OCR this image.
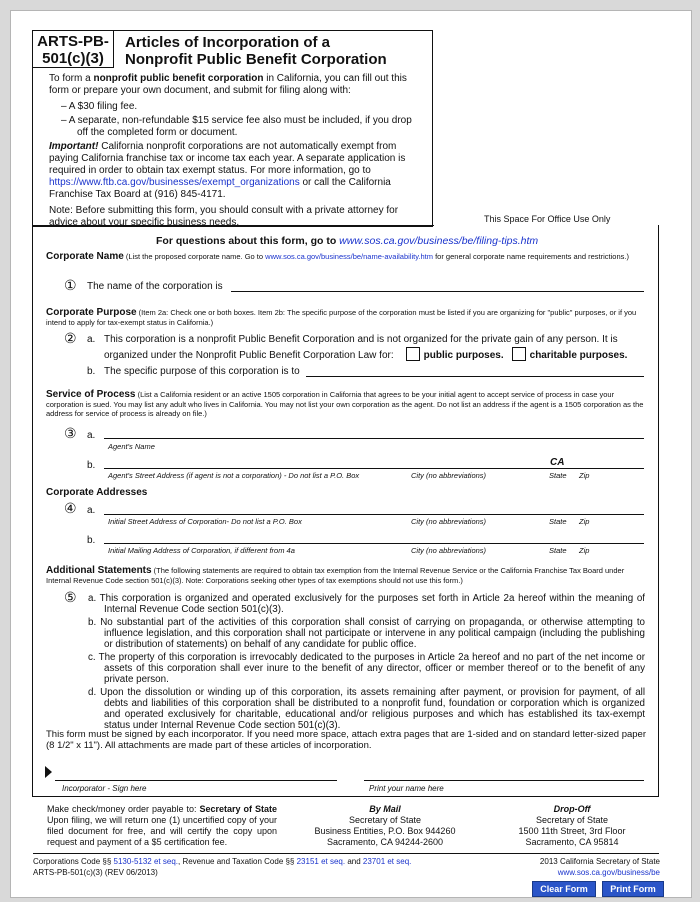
ARTS-PB-
501(c)(3)
Articles of Incorporation of a
Nonprofit Public Benefit Corporation

To form a nonprofit public benefit corporation in California, you can fill out this form or prepare your own document, and submit for filing along with:

– A $30 filing fee.

– A separate, non-refundable $15 service fee also must be included, if you drop off the completed form or document.

Important! California nonprofit corporations are not automatically exempt from paying California franchise tax or income tax each year. A separate application is required in order to obtain tax exempt status. For more information, go to https://www.ftb.ca.gov/businesses/exempt_organizations or call the California Franchise Tax Board at (916) 845-4171.

Note: Before submitting this form, you should consult with a private attorney for advice about your specific business needs.	This Space For Office Use Only
For questions about this form, go to www.sos.ca.gov/business/be/filing-tips.htm
Corporate Name (List the proposed corporate name. Go to www.sos.ca.gov/business/be/name-availability.htm for general corporate name requirements and restrictions.)
① The name of the corporation is
Corporate Purpose (Item 2a: Check one or both boxes. Item 2b: The specific purpose of the corporation must be listed if you are organizing for "public" purposes, or if you intend to apply for tax-exempt status in California.)
② a. This corporation is a nonprofit Public Benefit Corporation and is not organized for the private gain of any person. It is
organized under the Nonprofit Public Benefit Corporation Law for:	public purposes.	charitable purposes.
b. The specific purpose of this corporation is to
Service of Process (List a California resident or an active 1505 corporation in California that agrees to be your initial agent to accept service of process in case your corporation is sued. You may list any adult who lives in California. You may not list your own corporation as the agent. Do not list an address if the agent is a 1505 corporation as the address for service of process is already on file.)
③ a.
Agent's Name
b.	CA
Agent's Street Address (if agent is not a corporation) - Do not list a P.O. Box	City (no abbreviations)	State Zip
Corporate Addresses
④ a.
Initial Street Address of Corporation- Do not list a P.O. Box	City (no abbreviations)	State Zip
b.
Initial Mailing Address of Corporation, if different from 4a	City (no abbreviations)	State Zip
Additional Statements (The following statements are required to obtain tax exemption from the Internal Revenue Service or the California Franchise Tax Board under Internal Revenue Code section 501(c)(3). Note: Corporations seeking other types of tax exemptions should not use this form.)
⑤ a. This corporation is organized and operated exclusively for the purposes set forth in Article 2a hereof within the meaning of Internal Revenue Code section 501(c)(3).
b. No substantial part of the activities of this corporation shall consist of carrying on propaganda, or otherwise attempting to influence legislation, and this corporation shall not participate or intervene in any political campaign (including the publishing or distribution of statements) on behalf of any candidate for public office.
c. The property of this corporation is irrevocably dedicated to the purposes in Article 2a hereof and no part of the net income or assets of this corporation shall ever inure to the benefit of any director, officer or member thereof or to the benefit of any private person.
d. Upon the dissolution or winding up of this corporation, its assets remaining after payment, or provision for payment, of all debts and liabilities of this corporation shall be distributed to a nonprofit fund, foundation or corporation which is organized and operated exclusively for charitable, educational and/or religious purposes and which has established its tax-exempt status under Internal Revenue Code section 501(c)(3).
This form must be signed by each incorporator. If you need more space, attach extra pages that are 1-sided and on standard letter-sized paper (8 1/2" x 11"). All attachments are made part of these articles of incorporation.
Incorporator - Sign here	Print your name here
Make check/money order payable to: Secretary of State Upon filing, we will return one (1) uncertified copy of your filed document for free, and will certify the copy upon request and payment of a $5 certification fee.
By Mail
Secretary of State
Business Entities, P.O. Box 944260
Sacramento, CA 94244-2600
Drop-Off
Secretary of State
1500 11th Street, 3rd Floor
Sacramento, CA 95814
Corporations Code §§ 5130-5132 et seq., Revenue and Taxation Code §§ 23151 et seq. and 23701 et seq.
ARTS-PB-501(c)(3) (REV 06/2013)
2013 California Secretary of State
www.sos.ca.gov/business/be
Clear Form	Print Form
